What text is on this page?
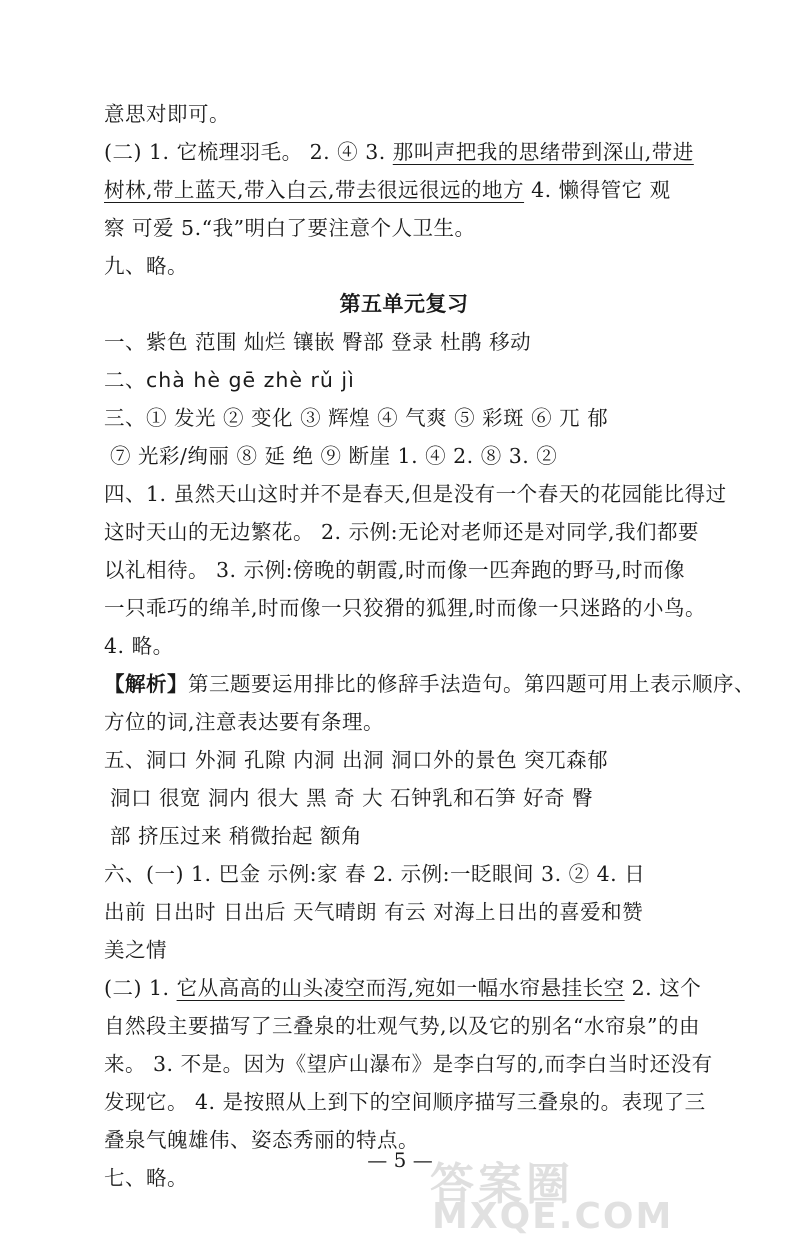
意思对即可。
(二) 1. 它梳理羽毛。 2. ④ 3. 那叫声把我的思绪带到深山,带进
树林,带上蓝天,带入白云,带去很远很远的地方 4. 懒得管它 观
察 可爱 5.“我”明白了要注意个人卫生。
九、略。
第五单元复习
一、紫色 范围 灿烂 镶嵌 臀部 登录 杜鹃 移动
二、chà hè gē zhè rǔ jì
三、① 发光 ② 变化 ③ 辉煌 ④ 气爽 ⑤ 彩斑 ⑥ 兀 郁
⑦ 光彩/绚丽 ⑧ 延 绝 ⑨ 断崖 1. ④ 2. ⑧ 3. ②
四、1. 虽然天山这时并不是春天,但是没有一个春天的花园能比得过
这时天山的无边繁花。 2. 示例:无论对老师还是对同学,我们都要
以礼相待。 3. 示例:傍晚的朝霞,时而像一匹奔跑的野马,时而像
一只乖巧的绵羊,时而像一只狡猾的狐狸,时而像一只迷路的小鸟。
4. 略。
【解析】第三题要运用排比的修辞手法造句。第四题可用上表示顺序、
方位的词,注意表达要有条理。
五、洞口 外洞 孔隙 内洞 出洞 洞口外的景色 突兀森郁
洞口 很宽 洞内 很大 黑 奇 大 石钟乳和石笋 好奇 臀
部 挤压过来 稍微抬起 额角
六、(一) 1. 巴金 示例:家 春 2. 示例:一眨眼间 3. ② 4. 日
出前 日出时 日出后 天气晴朗 有云 对海上日出的喜爱和赞
美之情
(二) 1. 它从高高的山头凌空而泻,宛如一幅水帘悬挂长空 2. 这个
自然段主要描写了三叠泉的壮观气势,以及它的别名“水帘泉”的由
来。 3. 不是。因为《望庐山瀑布》是李白写的,而李白当时还没有
发现它。 4. 是按照从上到下的空间顺序描写三叠泉的。表现了三
叠泉气魄雄伟、姿态秀丽的特点。
七、略。
— 5 —
答案圈
MXQE.COM
